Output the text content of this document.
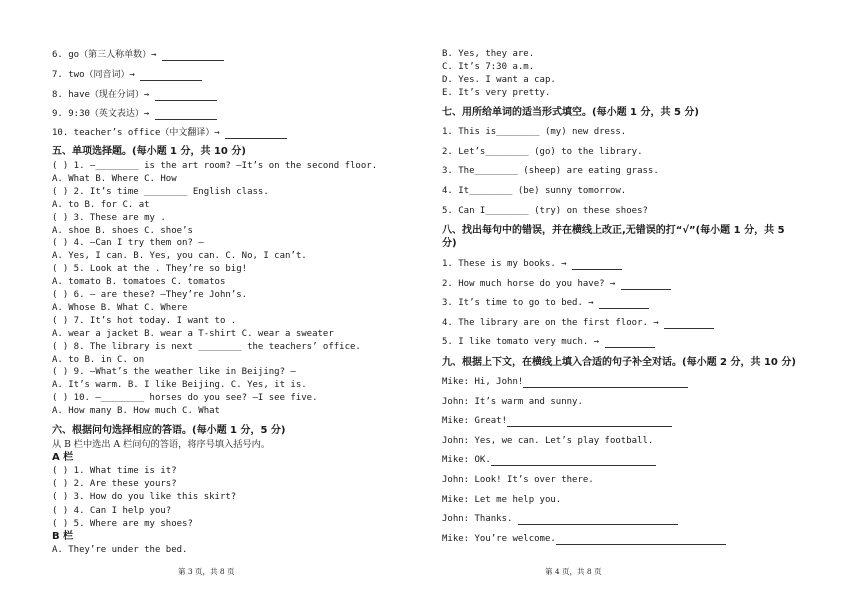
6. go（第三人称单数）→
7. two（同音词）→
8. have（现在分词）→
9. 9:30（英文表达）→
10. teacher’s office（中文翻译）→
五、单项选择题。(每小题 1 分，共 10 分)
( ) 1. —________ is the art room? —It’s on the second floor.
A. What B. Where C. How
( ) 2. It’s time ________ English class.
A. to B. for C. at
( ) 3. These are my .
A. shoe B. shoes C. shoe’s
( ) 4. —Can I try them on? —
A. Yes, I can. B. Yes, you can. C. No, I can’t.
( ) 5. Look at the . They’re so big!
A. tomato B. tomatoes C. tomatos
( ) 6. — are these? —They’re John’s.
A. Whose B. What C. Where
( ) 7. It’s hot today. I want to .
A. wear a jacket B. wear a T-shirt C. wear a sweater
( ) 8. The library is next ________ the teachers’ office.
A. to B. in C. on
( ) 9. —What’s the weather like in Beijing? —
A. It’s warm. B. I like Beijing. C. Yes, it is.
( ) 10. —________ horses do you see? —I see five.
A. How many B. How much C. What
六、根据问句选择相应的答语。(每小题 1 分，5 分)
从 B 栏中选出 A 栏问句的答语，将序号填入括号内。
A 栏
( ) 1. What time is it?
( ) 2. Are these yours?
( ) 3. How do you like this skirt?
( ) 4. Can I help you?
( ) 5. Where are my shoes?
B 栏
A. They’re under the bed.
第 3 页，共 8 页
B. Yes, they are.
C. It’s 7:30 a.m.
D. Yes. I want a cap.
E. It’s very pretty.
七、用所给单词的适当形式填空。(每小题 1 分，共 5 分)
1. This is________ (my) new dress.
2. Let’s________ (go) to the library.
3. The________ (sheep) are eating grass.
4. It________ (be) sunny tomorrow.
5. Can I________ (try) on these shoes?
八、找出每句中的错误，并在横线上改正,无错误的打“√”(每小题 1 分，共 5
分)
1. These is my books. →
2. How much horse do you have? →
3. It’s time to go to bed. →
4. The library are on the first floor. →
5. I like tomato very much. →
九、根据上下文，在横线上填入合适的句子补全对话。(每小题 2 分，共 10 分)
Mike: Hi, John!
John: It’s warm and sunny.
Mike: Great!
John: Yes, we can. Let’s play football.
Mike: OK.
John: Look! It’s over there.
Mike: Let me help you.
John: Thanks.
Mike: You’re welcome.
第 4 页，共 8 页
